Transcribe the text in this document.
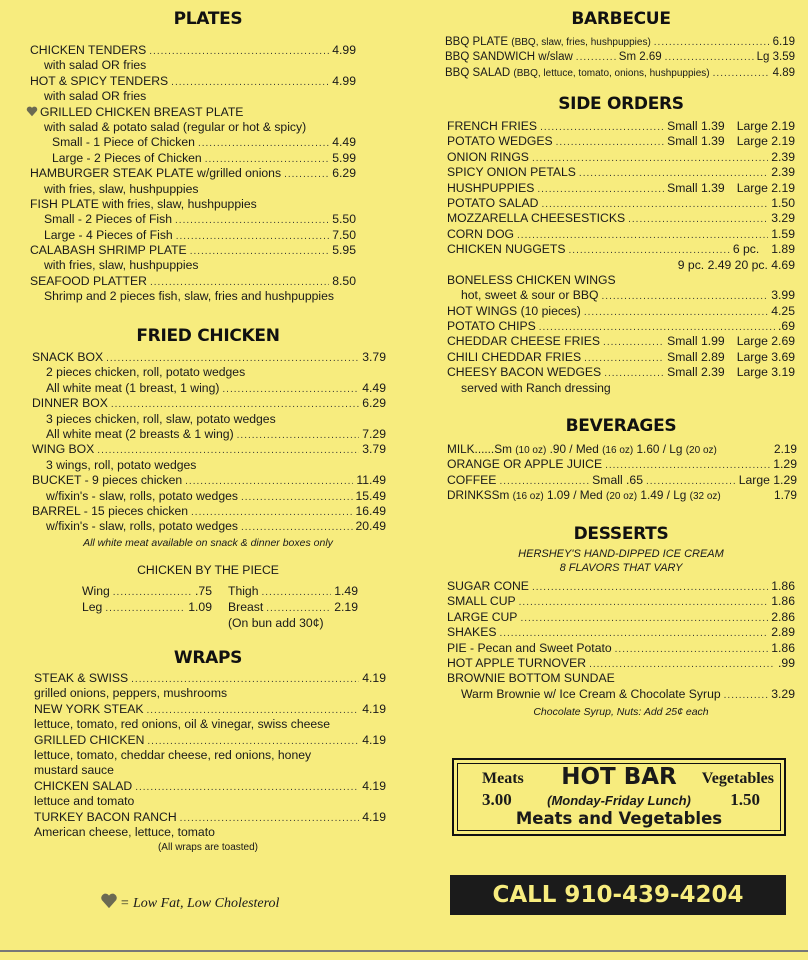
PLATES
CHICKEN TENDERS .....	4.99
with salad OR fries
HOT & SPICY TENDERS .....	4.99
with salad OR fries
GRILLED CHICKEN BREAST PLATE
with salad & potato salad (regular or hot & spicy)
Small - 1 Piece of Chicken .....	4.49
Large - 2 Pieces of Chicken .....	5.99
HAMBURGER STEAK PLATE w/grilled onions .....	6.29
with fries, slaw, hushpuppies
FISH PLATE with fries, slaw, hushpuppies
Small - 2 Pieces of Fish .....	5.50
Large - 4 Pieces of Fish .....	7.50
CALABASH SHRIMP PLATE .....	5.95
with fries, slaw, hushpuppies
SEAFOOD PLATTER .....	8.50
Shrimp and 2 pieces fish, slaw, fries and hushpuppies
FRIED CHICKEN
SNACK BOX .....	3.79
2 pieces chicken, roll, potato wedges
All white meat (1 breast, 1 wing) .....	4.49
DINNER BOX .....	6.29
3 pieces chicken, roll, slaw, potato wedges
All white meat (2 breasts & 1 wing) .....	7.29
WING BOX .....	3.79
3 wings, roll, potato wedges
BUCKET - 9 pieces chicken .....	11.49
w/fixin's - slaw, rolls, potato wedges .....	15.49
BARREL - 15 pieces chicken .....	16.49
w/fixin's - slaw, rolls, potato wedges .....	20.49
All white meat available on snack & dinner boxes only
CHICKEN BY THE PIECE
Wing .....	.75 Thigh .....	1.49
Leg .....	1.09 Breast .....	2.19
(On bun add 30¢)
WRAPS
STEAK & SWISS .....	4.19
grilled onions, peppers, mushrooms
NEW YORK STEAK .....	4.19
lettuce, tomato, red onions, oil & vinegar, swiss cheese
GRILLED CHICKEN .....	4.19
lettuce, tomato, cheddar cheese, red onions, honey
mustard sauce
CHICKEN SALAD .....	4.19
lettuce and tomato
TURKEY BACON RANCH .....	4.19
American cheese, lettuce, tomato
(All wraps are toasted)
= Low Fat, Low Cholesterol
BARBECUE
BBQ PLATE (BBQ, slaw, fries, hushpuppies) .....	6.19
BBQ SANDWICH w/slaw .....	Sm 2.69 .....	Lg 3.59
BBQ SALAD (BBQ, lettuce, tomato, onions, hushpuppies) .....	4.89
SIDE ORDERS
FRENCH FRIES .....	Small 1.39 Large 2.19
POTATO WEDGES .....	Small 1.39 Large 2.19
ONION RINGS .....	2.39
SPICY ONION PETALS .....	2.39
HUSHPUPPIES .....	Small 1.39 Large 2.19
POTATO SALAD .....	1.50
MOZZARELLA CHEESESTICKS .....	3.29
CORN DOG .....	1.59
CHICKEN NUGGETS .....	6 pc. 1.89
9 pc. 2.49 20 pc. 4.69
BONELESS CHICKEN WINGS
hot, sweet & sour or BBQ .....	3.99
HOT WINGS (10 pieces) .....	4.25
POTATO CHIPS .....	.69
CHEDDAR CHEESE FRIES .....	Small 1.99 Large 2.69
CHILI CHEDDAR FRIES .....	Small 2.89 Large 3.69
CHEESY BACON WEDGES .....	Small 2.39 Large 3.19
served with Ranch dressing
BEVERAGES
MILK......Sm (10 oz) .90 / Med (16 oz) 1.60 / Lg (20 oz)	2.19
ORANGE OR APPLE JUICE .....	1.29
COFFEE .....	Small .65 .....	Large 1.29
DRINKSSm (16 oz) 1.09 / Med (20 oz) 1.49 / Lg (32 oz)	1.79
DESSERTS
HERSHEY'S HAND-DIPPED ICE CREAM
8 FLAVORS THAT VARY
SUGAR CONE .....	1.86
SMALL CUP .....	1.86
LARGE CUP .....	2.86
SHAKES .....	2.89
PIE - Pecan and Sweet Potato .....	1.86
HOT APPLE TURNOVER .....	.99
BROWNIE BOTTOM SUNDAE
Warm Brownie w/ Ice Cream & Chocolate Syrup .....	3.29
Chocolate Syrup, Nuts: Add 25¢ each
Meats
3.00
HOT BAR
(Monday-Friday Lunch)
Vegetables
1.50
Meats and Vegetables
CALL 910-439-4204
